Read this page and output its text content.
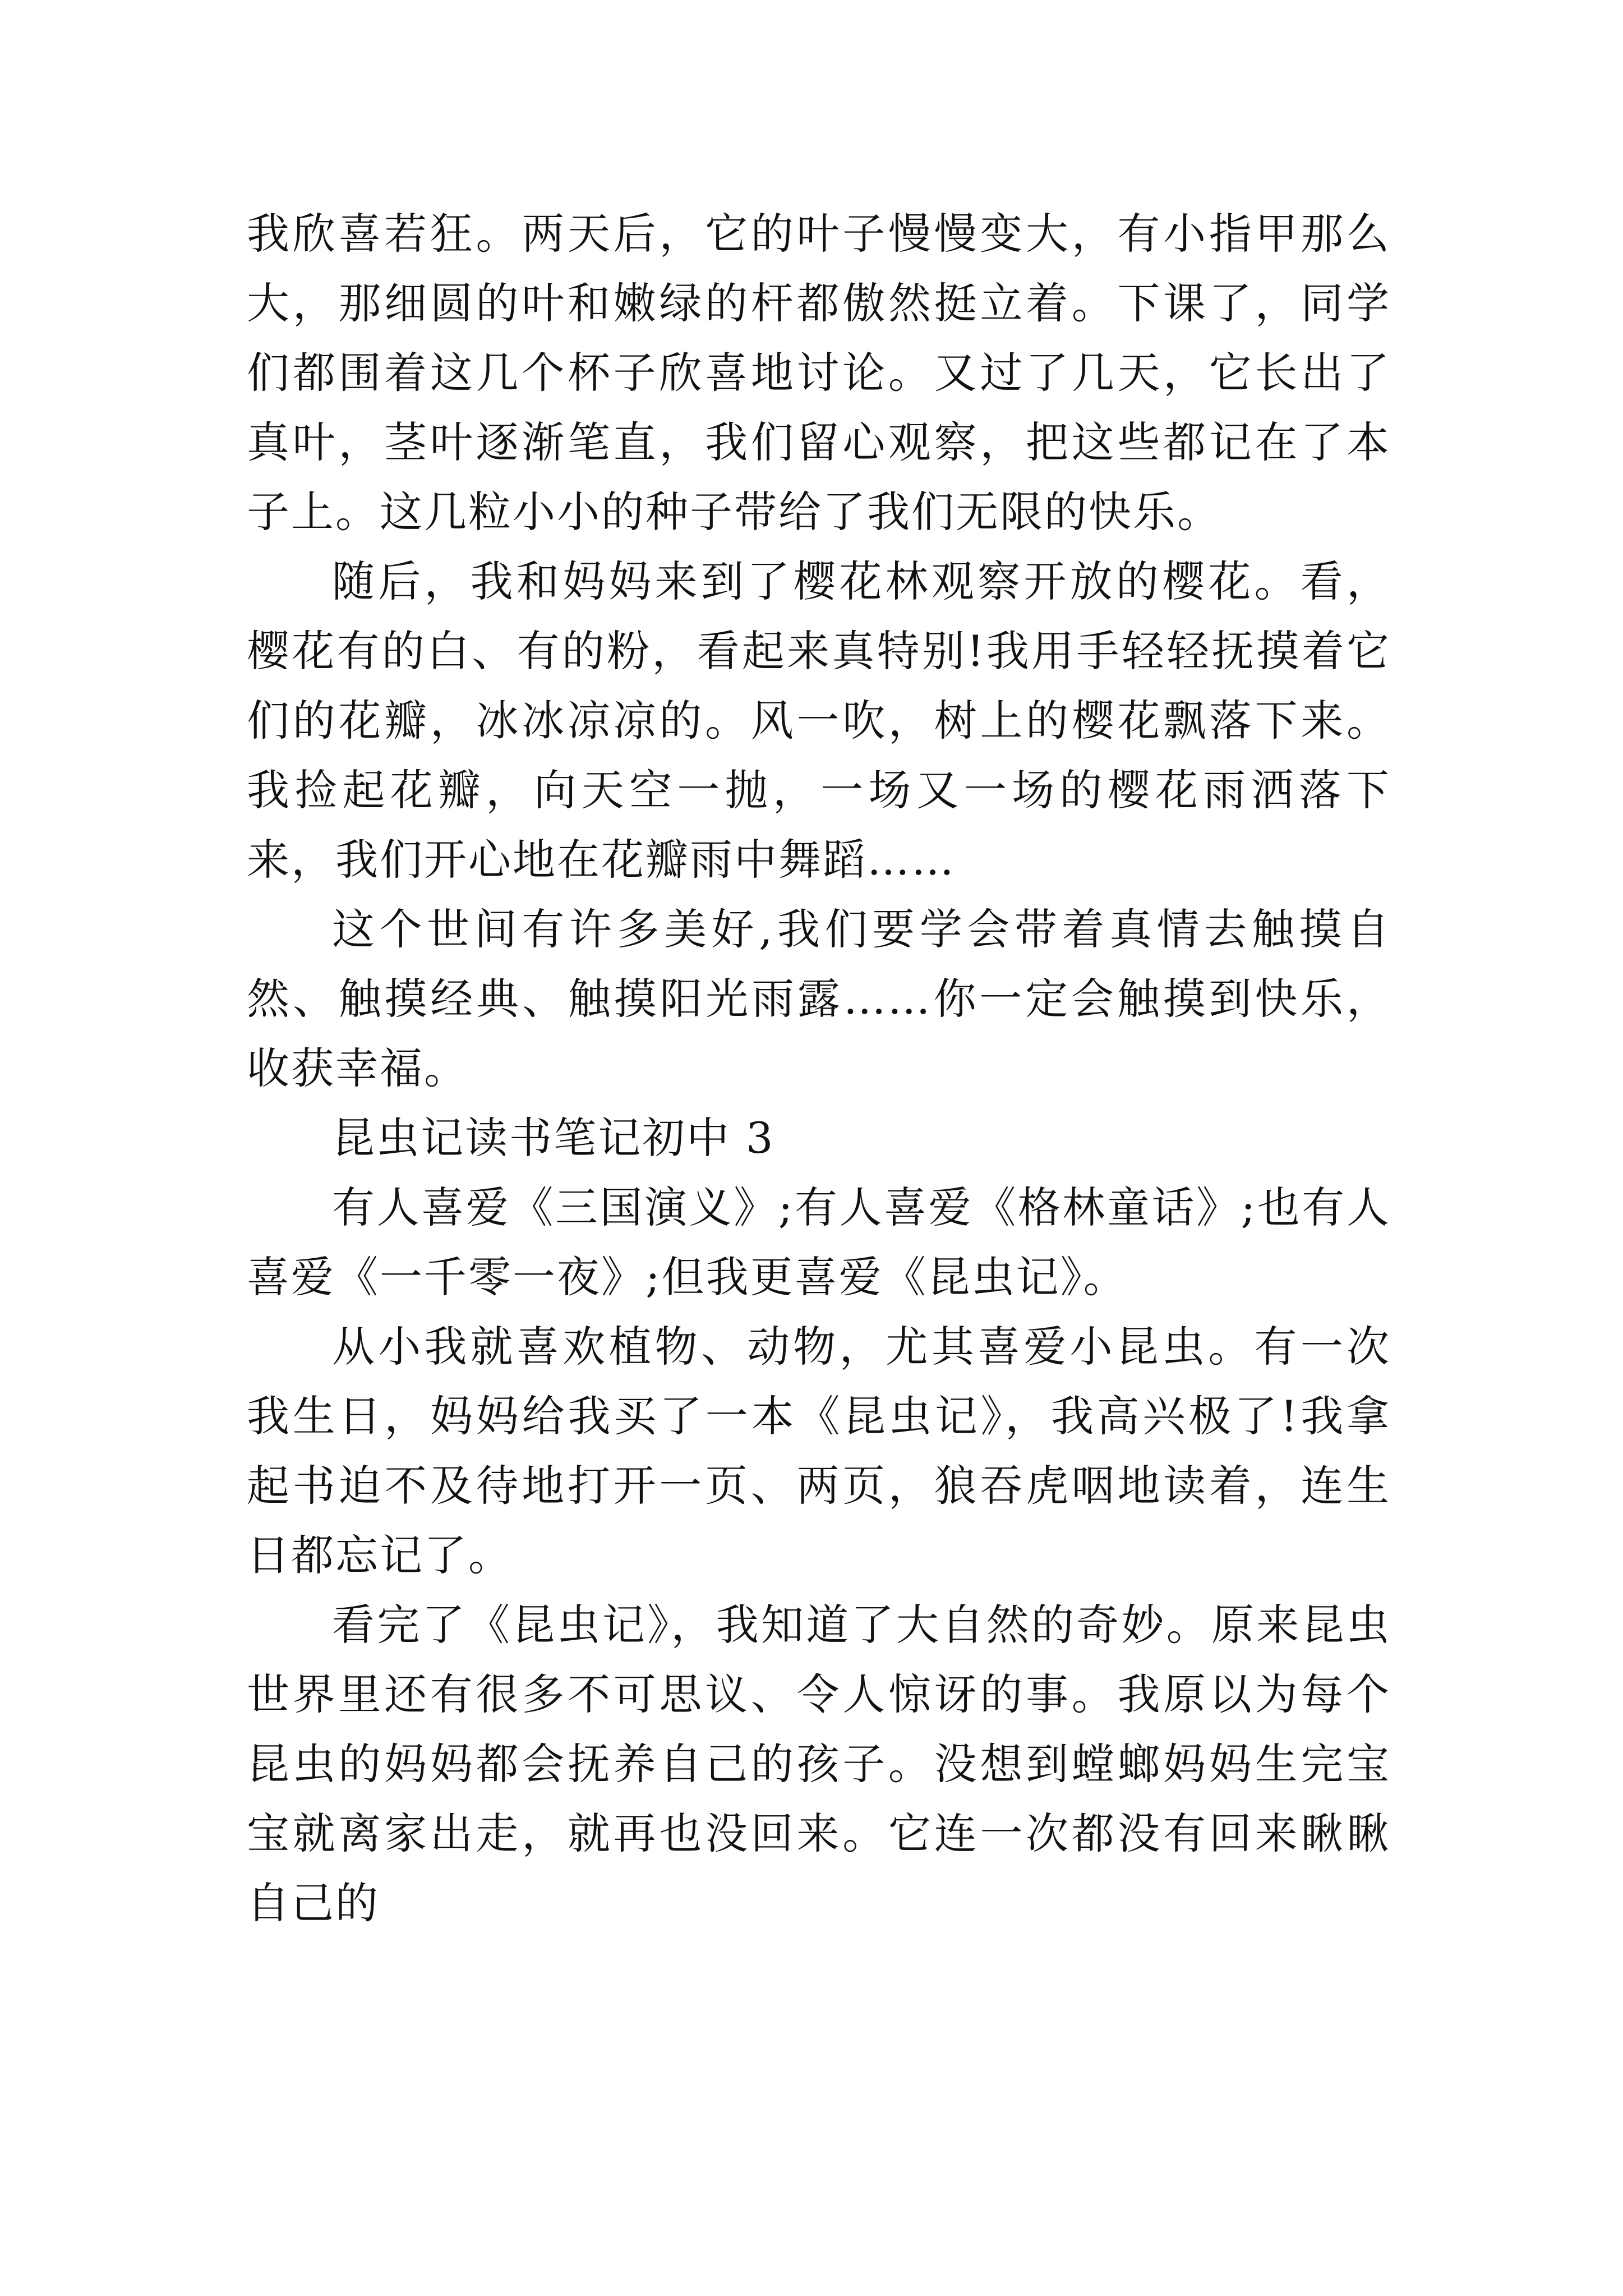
我欣喜若狂。两天后，它的叶子慢慢变大，有小指甲那么大，那细圆的叶和嫩绿的杆都傲然挺立着。下课了，同学们都围着这几个杯子欣喜地讨论。又过了几天，它长出了真叶，茎叶逐渐笔直，我们留心观察，把这些都记在了本子上。这几粒小小的种子带给了我们无限的快乐。

随后，我和妈妈来到了樱花林观察开放的樱花。看，樱花有的白、有的粉，看起来真特别!我用手轻轻抚摸着它们的花瓣，冰冰凉凉的。风一吹，树上的樱花飘落下来。我捡起花瓣，向天空一抛，一场又一场的樱花雨洒落下来，我们开心地在花瓣雨中舞蹈……

这个世间有许多美好,我们要学会带着真情去触摸自然、触摸经典、触摸阳光雨露……你一定会触摸到快乐，收获幸福。

昆虫记读书笔记初中 3

有人喜爱《三国演义》;有人喜爱《格林童话》;也有人喜爱《一千零一夜》;但我更喜爱《昆虫记》。

从小我就喜欢植物、动物，尤其喜爱小昆虫。有一次我生日，妈妈给我买了一本《昆虫记》，我高兴极了!我拿起书迫不及待地打开一页、两页，狼吞虎咽地读着，连生日都忘记了。

看完了《昆虫记》，我知道了大自然的奇妙。原来昆虫世界里还有很多不可思议、令人惊讶的事。我原以为每个昆虫的妈妈都会抚养自己的孩子。没想到螳螂妈妈生完宝宝就离家出走，就再也没回来。它连一次都没有回来瞅瞅自己的
